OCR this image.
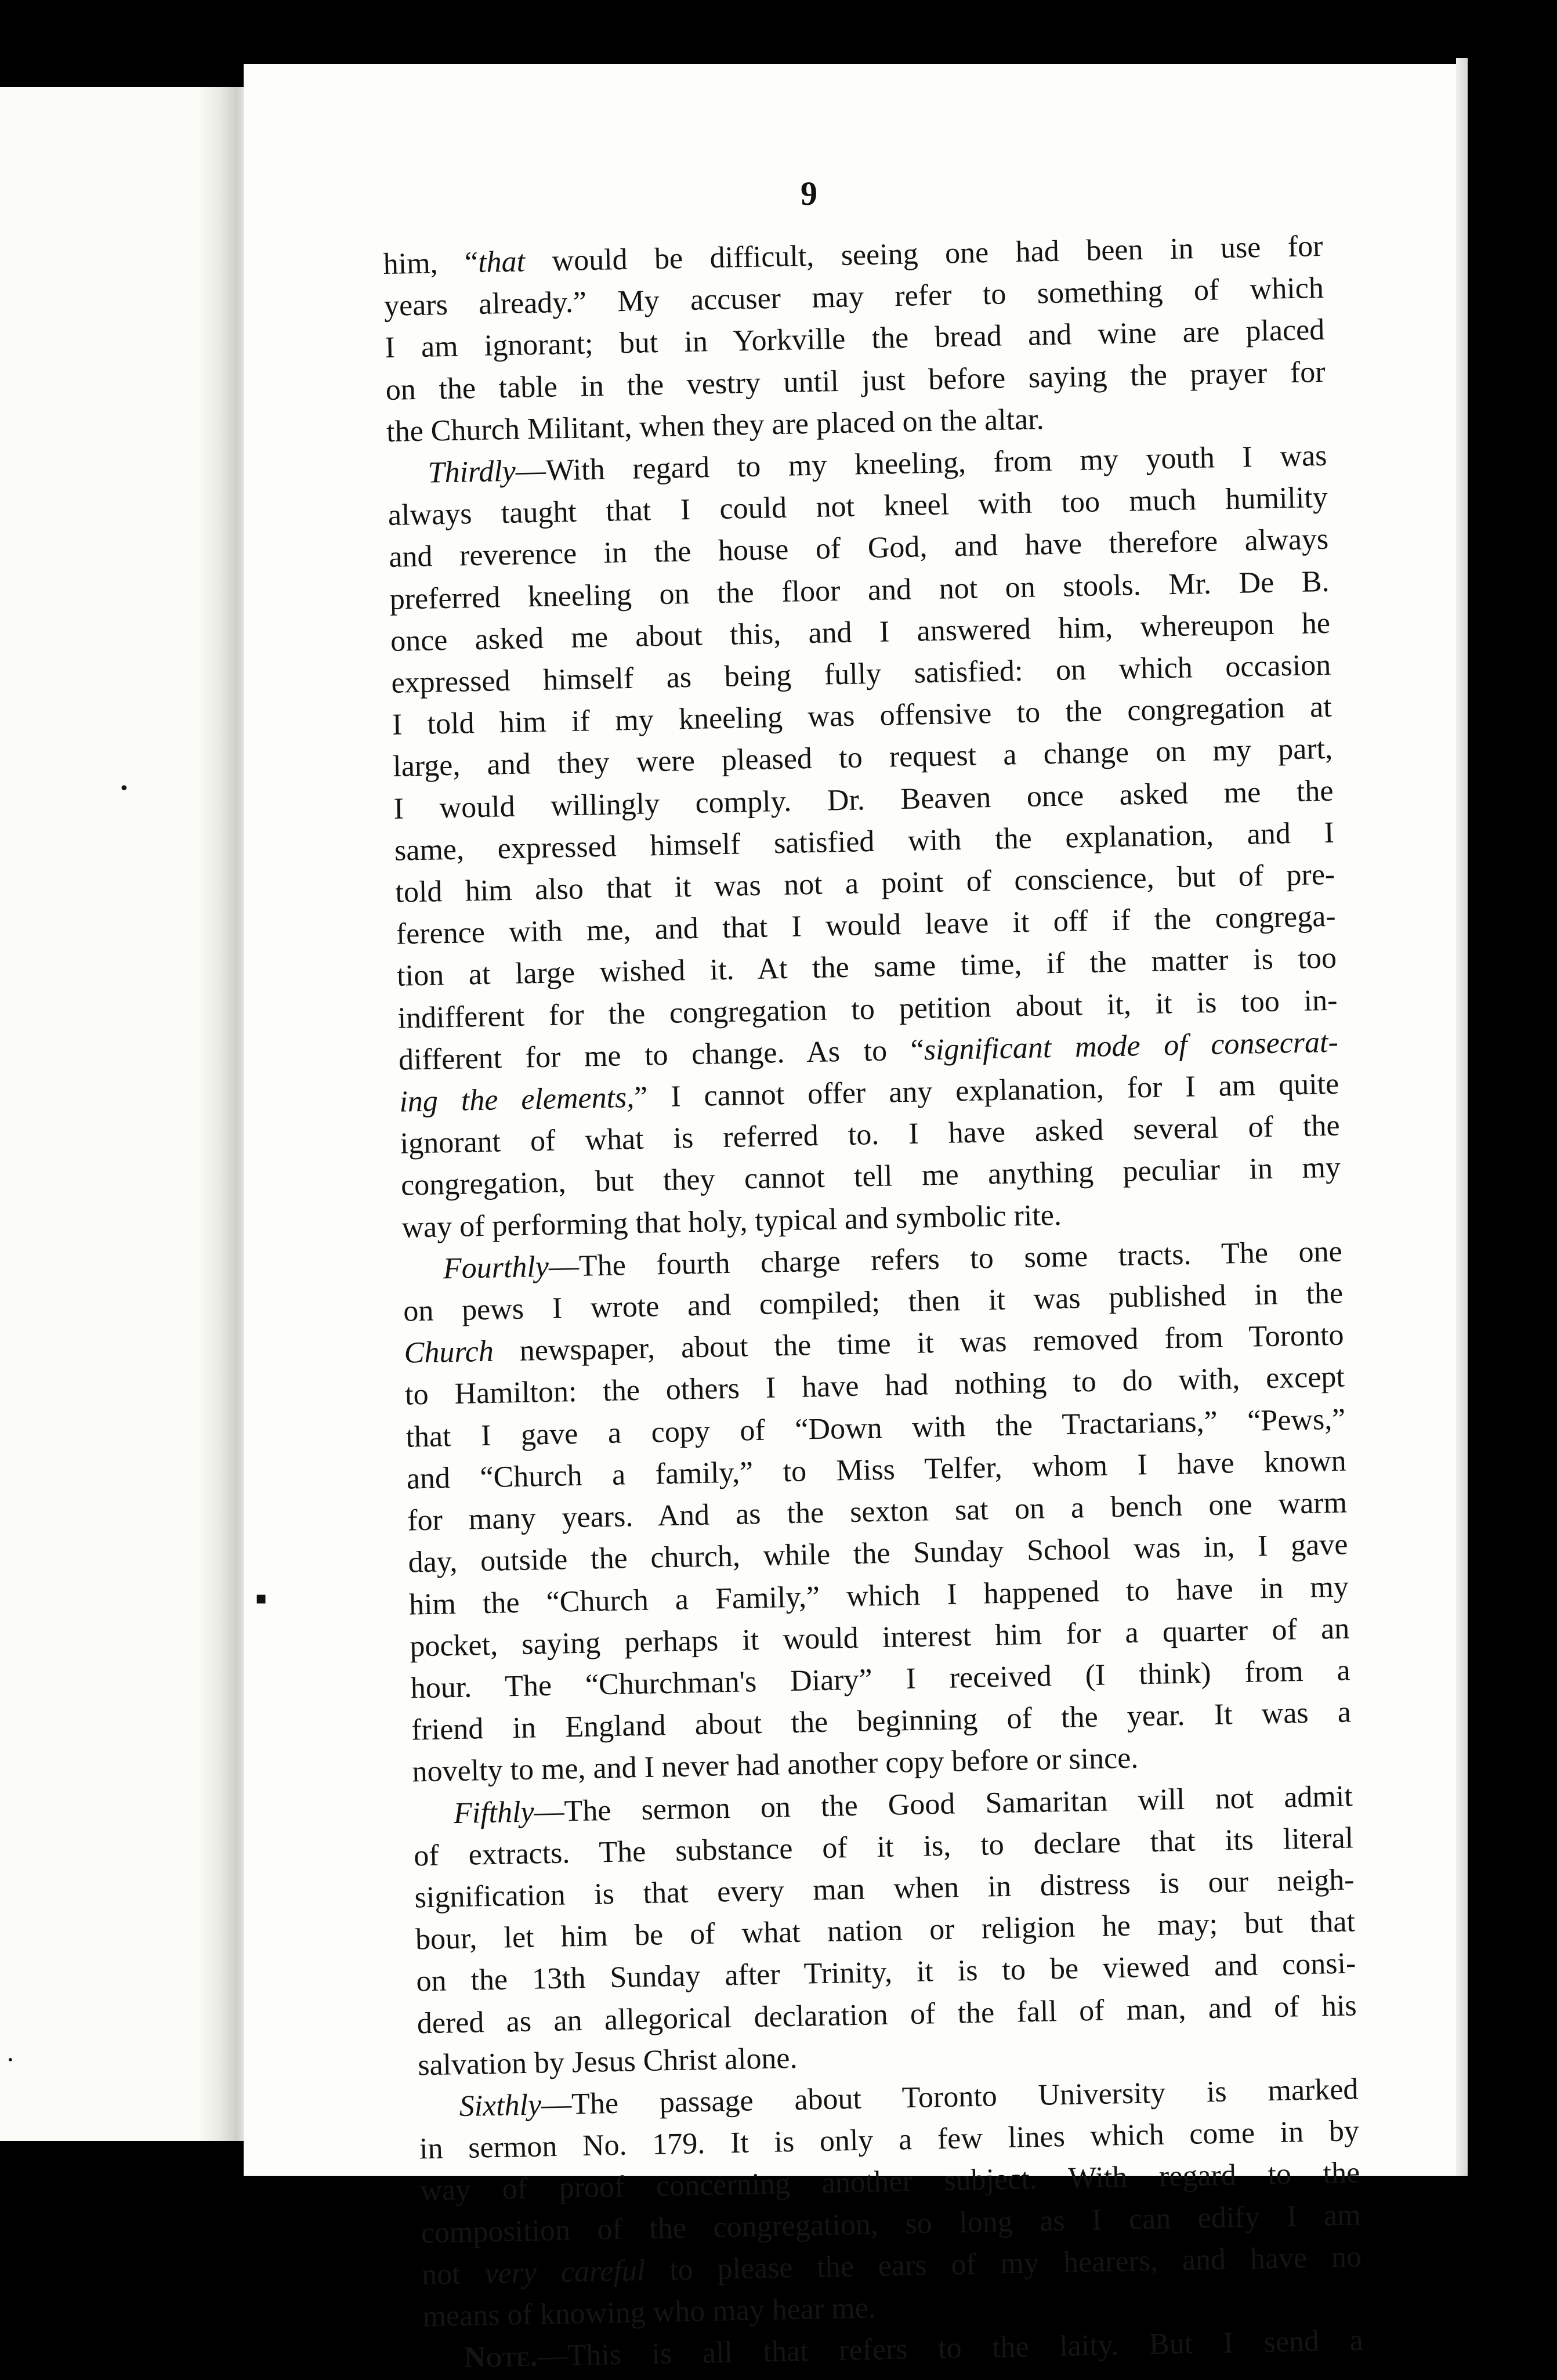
•
▪
•
9
him, “that would be difficult, seeing one had been in use for
years already.” My accuser may refer to something of which
I am ignorant; but in Yorkville the bread and wine are placed
on the table in the vestry until just before saying the prayer for
the Church Militant, when they are placed on the altar.
Thirdly—With regard to my kneeling, from my youth I was
always taught that I could not kneel with too much humility
and reverence in the house of God, and have therefore always
preferred kneeling on the floor and not on stools. Mr. De B.
once asked me about this, and I answered him, whereupon he
expressed himself as being fully satisfied: on which occasion
I told him if my kneeling was offensive to the congregation at
large, and they were pleased to request a change on my part,
I would willingly comply. Dr. Beaven once asked me the
same, expressed himself satisfied with the explanation, and I
told him also that it was not a point of conscience, but of pre-
ference with me, and that I would leave it off if the congrega-
tion at large wished it. At the same time, if the matter is too
indifferent for the congregation to petition about it, it is too in-
different for me to change. As to “significant mode of consecrat-
ing the elements,” I cannot offer any explanation, for I am quite
ignorant of what is referred to. I have asked several of the
congregation, but they cannot tell me anything peculiar in my
way of performing that holy, typical and symbolic rite.
Fourthly—The fourth charge refers to some tracts. The one
on pews I wrote and compiled; then it was published in the
Church newspaper, about the time it was removed from Toronto
to Hamilton: the others I have had nothing to do with, except
that I gave a copy of “Down with the Tractarians,” “Pews,”
and “Church a family,” to Miss Telfer, whom I have known
for many years. And as the sexton sat on a bench one warm
day, outside the church, while the Sunday School was in, I gave
him the “Church a Family,” which I happened to have in my
pocket, saying perhaps it would interest him for a quarter of an
hour. The “Churchman's Diary” I received (I think) from a
friend in England about the beginning of the year. It was a
novelty to me, and I never had another copy before or since.
Fifthly—The sermon on the Good Samaritan will not admit
of extracts. The substance of it is, to declare that its literal
signification is that every man when in distress is our neigh-
bour, let him be of what nation or religion he may; but that
on the 13th Sunday after Trinity, it is to be viewed and consi-
dered as an allegorical declaration of the fall of man, and of his
salvation by Jesus Christ alone.
Sixthly—The passage about Toronto University is marked
in sermon No. 179. It is only a few lines which come in by
way of proof concerning another subject. With regard to the
composition of the congregation, so long as I can edify I am
not very careful to please the ears of my hearers, and have no
means of knowing who may hear me.
Note.—This is all that refers to the laity. But I send a
